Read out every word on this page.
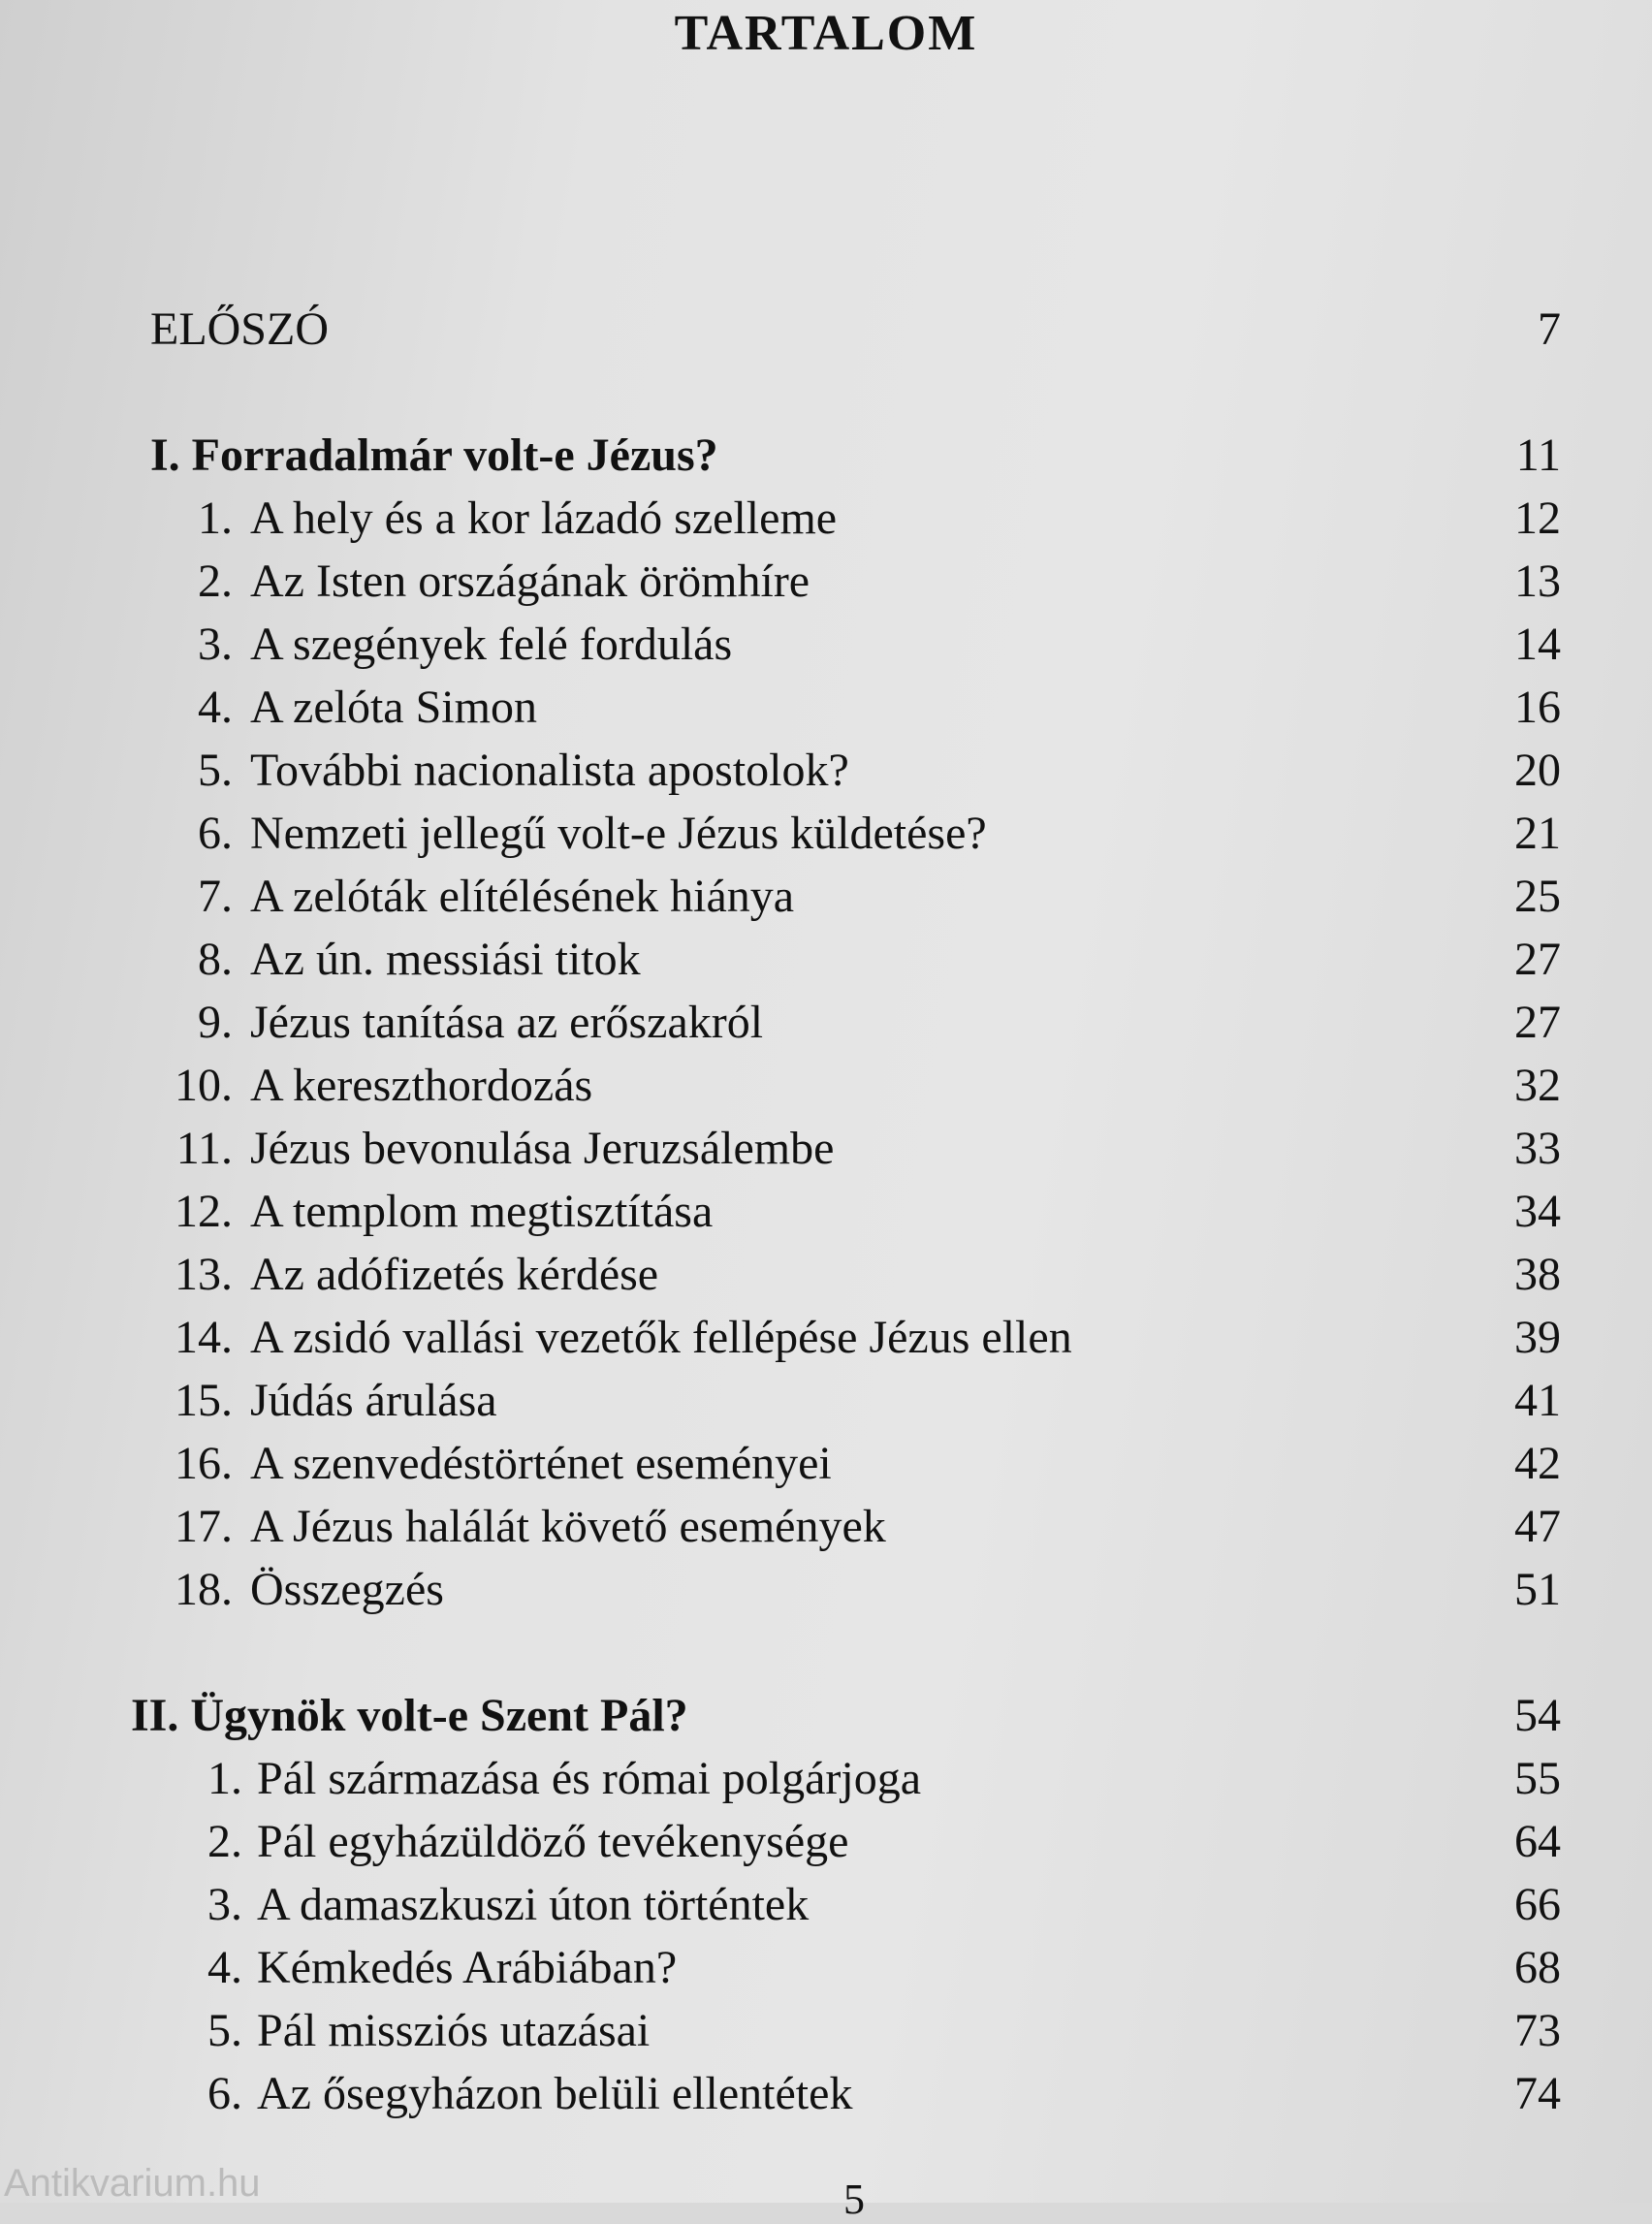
TARTALOM
ELŐSZÓ	7
I. Forradalmár volt-e Jézus?	11
1. A hely és a kor lázadó szelleme	12
2. Az Isten országának örömhíre	13
3. A szegények felé fordulás	14
4. A zelóta Simon	16
5. További nacionalista apostolok?	20
6. Nemzeti jellegű volt-e Jézus küldetése?	21
7. A zelóták elítélésének hiánya	25
8. Az ún. messiási titok	27
9. Jézus tanítása az erőszakról	27
10. A kereszthordozás	32
11. Jézus bevonulása Jeruzsálembe	33
12. A templom megtisztítása	34
13. Az adófizetés kérdése	38
14. A zsidó vallási vezetők fellépése Jézus ellen	39
15. Júdás árulása	41
16. A szenvedéstörténet eseményei	42
17. A Jézus halálát követő események	47
18. Összegzés	51
II. Ügynök volt-e Szent Pál?	54
1. Pál származása és római polgárjoga	55
2. Pál egyházüldöző tevékenysége	64
3. A damaszkuszi úton történtek	66
4. Kémkedés Arábiában?	68
5. Pál missziós utazásai	73
6. Az ősegyházon belüli ellentétek	74
Antikvarium.hu	5
